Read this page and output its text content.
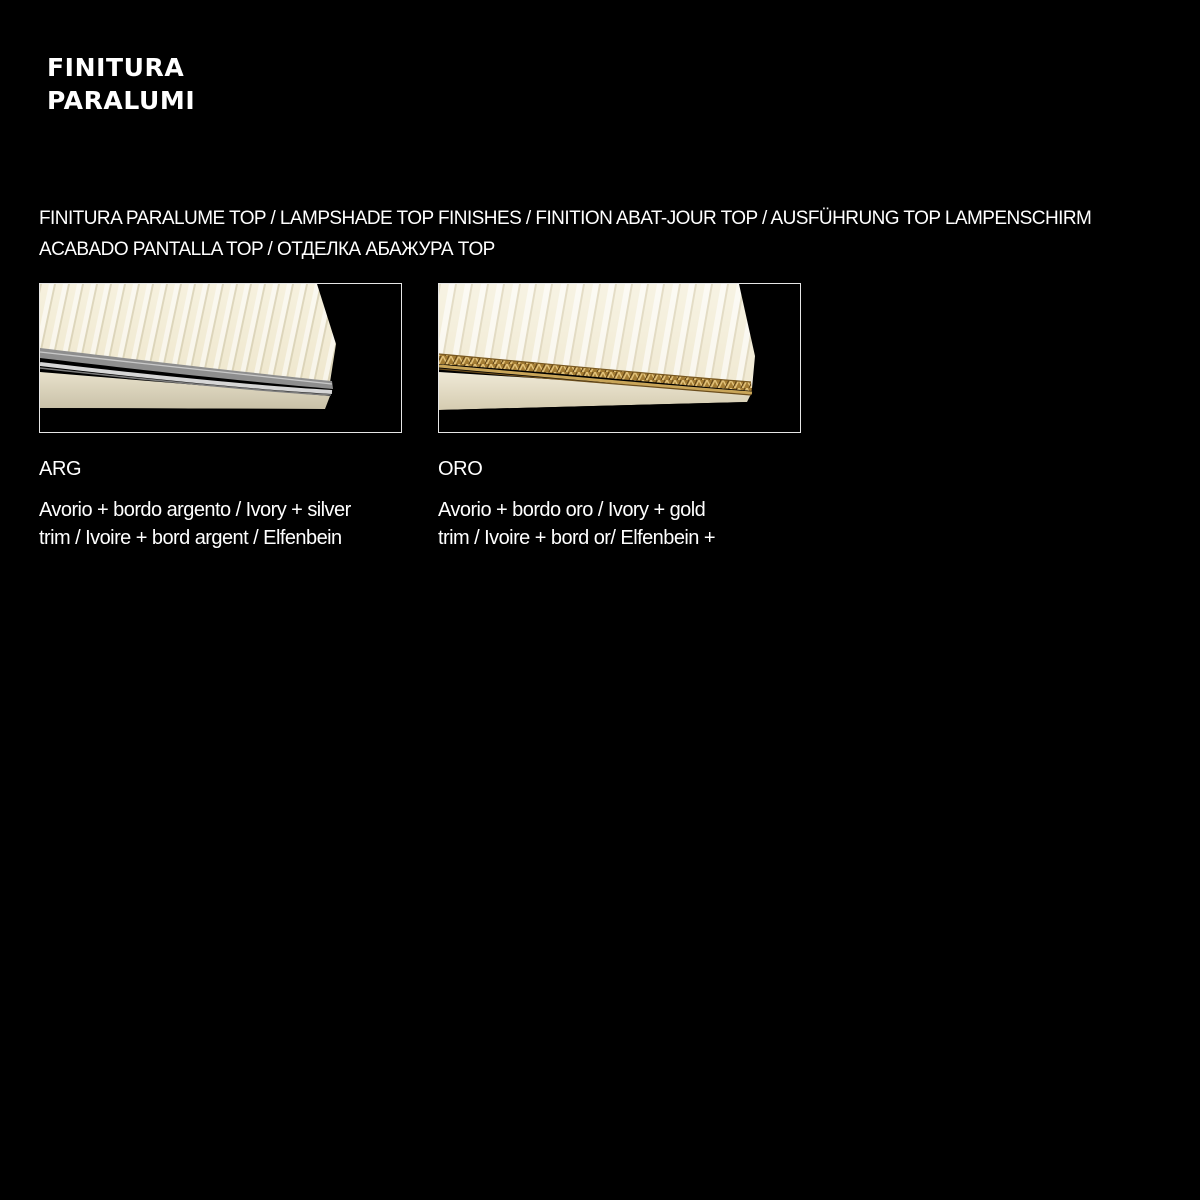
FINITURA
PARALUMI
FINITURA PARALUME TOP / LAMPSHADE TOP FINISHES / FINITION ABAT-JOUR TOP / AUSFÜHRUNG TOP LAMPENSCHIRM
ACABADO PANTALLA TOP / ОТДЕЛКА АБАЖУРА TOP
ARG
Avorio + bordo argento / Ivory + silver
trim / Ivoire + bord argent / Elfenbein
ORO
Avorio + bordo oro / Ivory + gold
trim / Ivoire + bord or/ Elfenbein +
